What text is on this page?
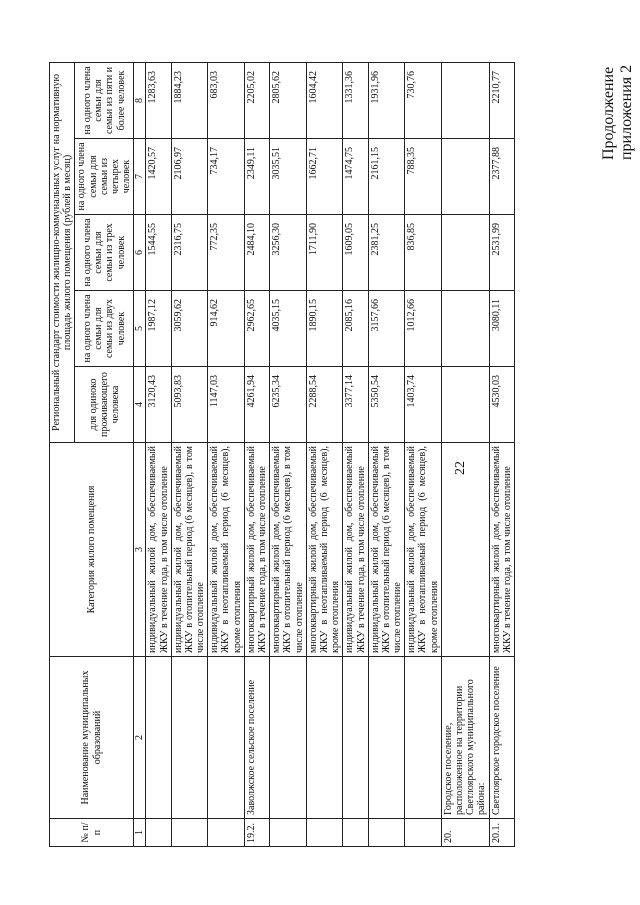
22
Продолжение приложения 2
№ п/п	Наименование муниципальных образований	Категория жилого помещения	Региональный стандарт стоимости жилищно-коммунальных услуг на нормативную площадь жилого помещения (рублей в месяц)				
			для одиноко проживающего человека	на одного члена семьи для семьи из двух человек	на одного члена семьи для семьи из трех человек	на одного члена семьи для семьи из четырех человек	на одного члена семьи для семьи из пяти и более человек
1	2	3	4	5	6	7	8
		индивидуальный жилой дом, обеспечиваемый ЖКУ в течение года, в том числе отопление	3120,43	1987,12	1544,55	1420,57	1283,63
		индивидуальный жилой дом, обеспечиваемый ЖКУ в отопительный период (6 месяцев), в том числе отопление	5093,83	3059,62	2316,75	2106,97	1884,23
		индивидуальный жилой дом, обеспечиваемый ЖКУ в неотапливаемый период (6 месяцев), кроме отопления	1147,03	914,62	772,35	734,17	683,03
19.2.	Заволжское сельское поселение	многоквартирный жилой дом, обеспечиваемый ЖКУ в течение года, в том числе отопление	4261,94	2962,65	2484,10	2349,11	2205,02
		многоквартирный жилой дом, обеспечиваемый ЖКУ в отопительный период (6 месяцев), в том числе отопление	6235,34	4035,15	3256,30	3035,51	2805,62
		многоквартирный жилой дом, обеспечиваемый ЖКУ в неотапливаемый период (6 месяцев), кроме отопления	2288,54	1890,15	1711,90	1662,71	1604,42
		индивидуальный жилой дом, обеспечиваемый ЖКУ в течение года, в том числе отопление	3377,14	2085,16	1609,05	1474,75	1331,36
		индивидуальный жилой дом, обеспечиваемый ЖКУ в отопительный период (6 месяцев), в том числе отопление	5350,54	3157,66	2381,25	2161,15	1931,96
		индивидуальный жилой дом, обеспечиваемый ЖКУ в неотапливаемый период (6 месяцев), кроме отопления	1403,74	1012,66	836,85	788,35	730,76
20.	Городское поселение, расположенное на территории Светлоярского муниципального района:						
20.1.	Светлоярское городское поселение	многоквартирный жилой дом, обеспечиваемый ЖКУ в течение года, в том числе отопление	4530,03	3080,11	2531,99	2377,88	2210,77
